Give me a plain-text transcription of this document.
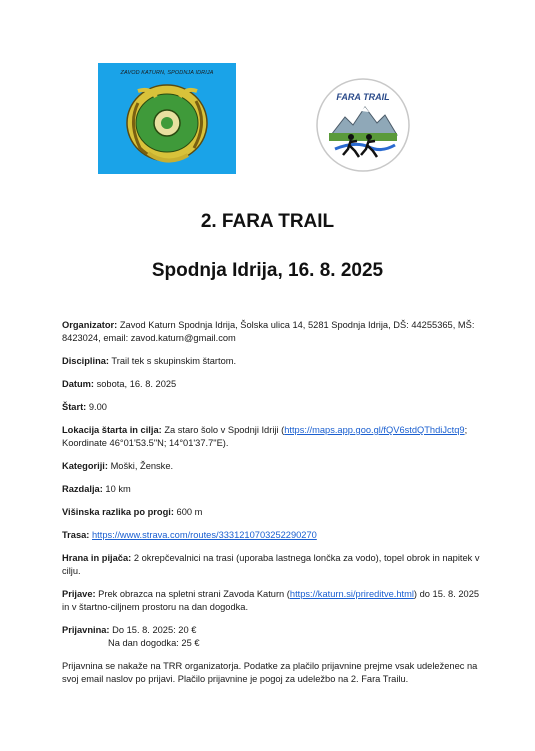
ZAVOD KATURN, SPODNJA IDRIJA
FARA TRAIL
2. FARA TRAIL
Spodnja Idrija, 16. 8. 2025

Organizator: Zavod Katurn Spodnja Idrija, Šolska ulica 14, 5281 Spodnja Idrija, DŠ: 44255365, MŠ: 8423024, email: zavod.katurn@gmail.com

Disciplina: Trail tek s skupinskim štartom.

Datum: sobota, 16. 8. 2025

Štart: 9.00

Lokacija štarta in cilja: Za staro šolo v Spodnji Idriji (https://maps.app.goo.gl/fQV6stdQThdiJctq9; Koordinate 46°01'53.5"N; 14°01'37.7"E).

Kategoriji: Moški, Ženske.

Razdalja: 10 km

Višinska razlika po progi: 600 m

Trasa: https://www.strava.com/routes/3331210703252290270

Hrana in pijača: 2 okrepčevalnici na trasi (uporaba lastnega lončka za vodo), topel obrok in napitek v cilju.

Prijave: Prek obrazca na spletni strani Zavoda Katurn (https://katurn.si/prireditve.html) do 15. 8. 2025 in v štartno-ciljnem prostoru na dan dogodka.

Prijavnina: Do 15. 8. 2025: 20 €
Na dan dogodka: 25 €

Prijavnina se nakaže na TRR organizatorja. Podatke za plačilo prijavnine prejme vsak udeleženec na svoj email naslov po prijavi. Plačilo prijavnine je pogoj za udeležbo na 2. Fara Trailu.
